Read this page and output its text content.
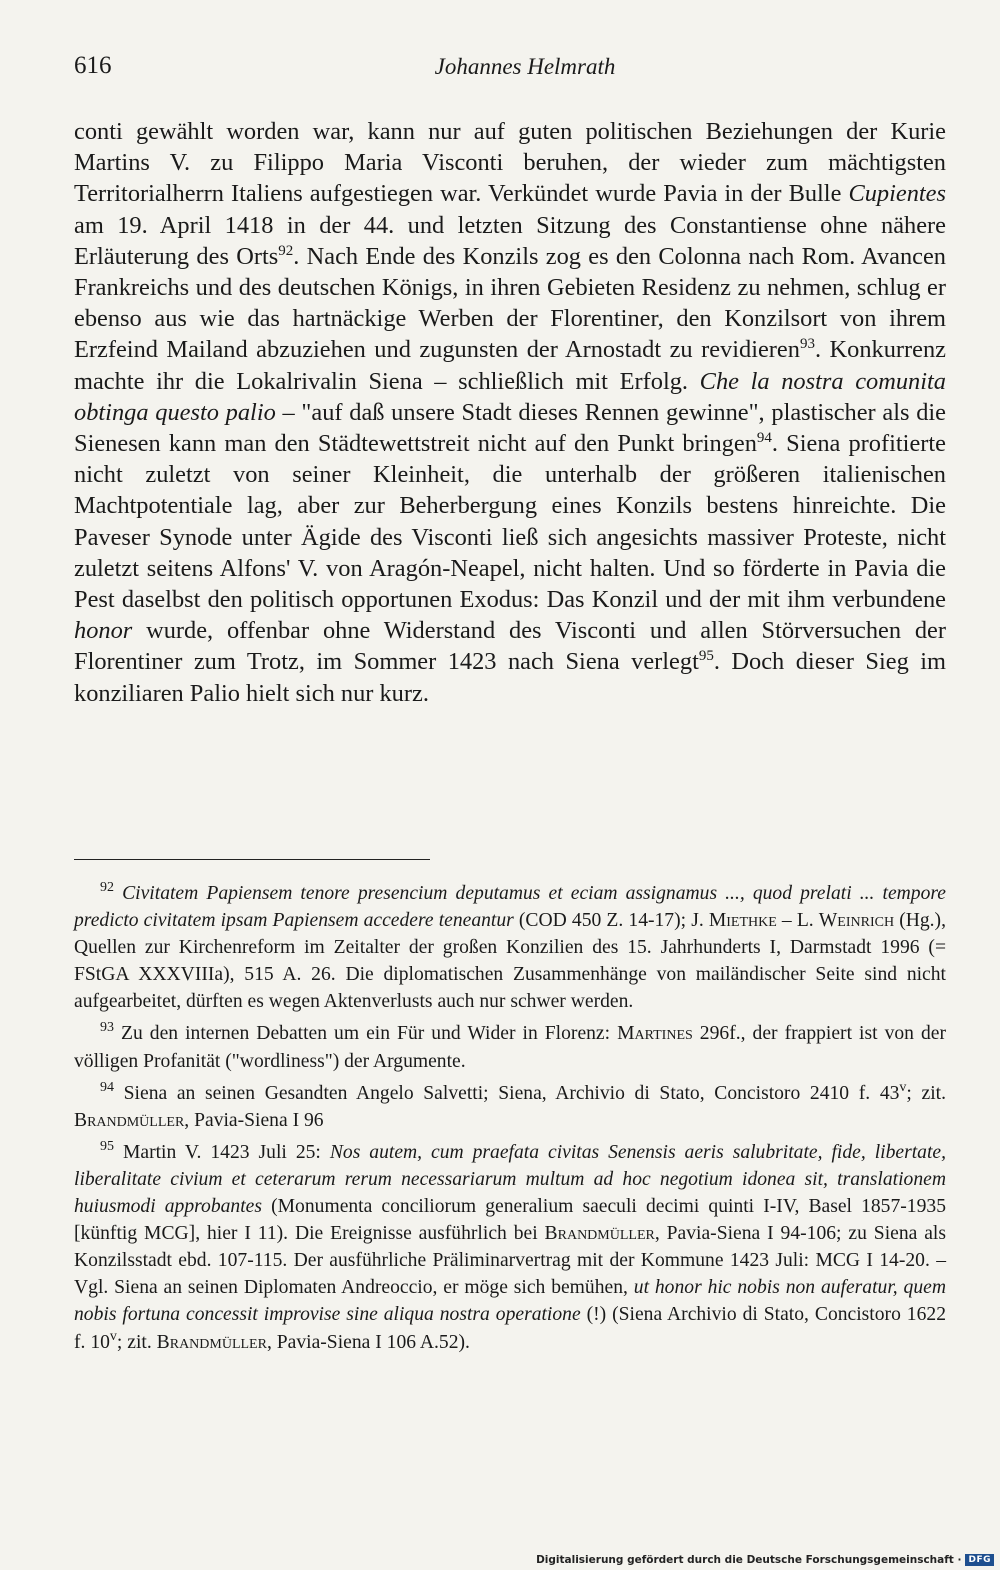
616	Johannes Helmrath

conti gewählt worden war, kann nur auf guten politischen Beziehungen der Kurie Martins V. zu Filippo Maria Visconti beruhen, der wieder zum mächtigsten Territorialherrn Italiens aufgestiegen war. Verkündet wurde Pavia in der Bulle Cupientes am 19. April 1418 in der 44. und letzten Sitzung des Constantiense ohne nähere Erläuterung des Orts$^{92}$. Nach Ende des Konzils zog es den Colonna nach Rom. Avancen Frankreichs und des deutschen Königs, in ihren Gebieten Residenz zu nehmen, schlug er ebenso aus wie das hartnäckige Werben der Florentiner, den Konzilsort von ihrem Erzfeind Mailand abzuziehen und zugunsten der Arnostadt zu revidieren$^{93}$. Konkurrenz machte ihr die Lokalrivalin Siena – schließlich mit Erfolg. Che la nostra comunita obtinga questo palio – "auf daß unsere Stadt dieses Rennen gewinne", plastischer als die Sienesen kann man den Städtewettstreit nicht auf den Punkt bringen$^{94}$. Siena profitierte nicht zuletzt von seiner Kleinheit, die unterhalb der größeren italienischen Machtpotentiale lag, aber zur Beherbergung eines Konzils bestens hinreichte. Die Paveser Synode unter Ägide des Visconti ließ sich angesichts massiver Proteste, nicht zuletzt seitens Alfons' V. von Aragón-Neapel, nicht halten. Und so förderte in Pavia die Pest daselbst den politisch opportunen Exodus: Das Konzil und der mit ihm verbundene honor wurde, offenbar ohne Widerstand des Visconti und allen Störversuchen der Florentiner zum Trotz, im Sommer 1423 nach Siena verlegt$^{95}$. Doch dieser Sieg im konziliaren Palio hielt sich nur kurz.

$^{92}$ Civitatem Papiensem tenore presencium deputamus et eciam assignamus ..., quod prelati ... tempore predicto civitatem ipsam Papiensem accedere teneantur (COD 450 Z. 14-17); J. Miethke – L. Weinrich (Hg.), Quellen zur Kirchenreform im Zeitalter der großen Konzilien des 15. Jahrhunderts I, Darmstadt 1996 (= FStGA XXXVIIIa), 515 A. 26. Die diplomatischen Zusammenhänge von mailändischer Seite sind nicht aufgearbeitet, dürften es wegen Aktenverlusts auch nur schwer werden.

$^{93}$ Zu den internen Debatten um ein Für und Wider in Florenz: Martines 296f., der frappiert ist von der völligen Profanität ("wordliness") der Argumente.

$^{94}$ Siena an seinen Gesandten Angelo Salvetti; Siena, Archivio di Stato, Concistoro 2410 f. 43$^v$; zit. Brandmüller, Pavia-Siena I 96

$^{95}$ Martin V. 1423 Juli 25: Nos autem, cum praefata civitas Senensis aeris salubritate, fide, libertate, liberalitate civium et ceterarum rerum necessariarum multum ad hoc negotium idonea sit, translationem huiusmodi approbantes (Monumenta conciliorum generalium saeculi decimi quinti I-IV, Basel 1857-1935 [künftig MCG], hier I 11). Die Ereignisse ausführlich bei Brandmüller, Pavia-Siena I 94-106; zu Siena als Konzilsstadt ebd. 107-115. Der ausführliche Präliminarvertrag mit der Kommune 1423 Juli: MCG I 14-20. – Vgl. Siena an seinen Diplomaten Andreoccio, er möge sich bemühen, ut honor hic nobis non auferatur, quem nobis fortuna concessit improvise sine aliqua nostra operatione (!) (Siena Archivio di Stato, Concistoro 1622 f. 10$^v$; zit. Brandmüller, Pavia-Siena I 106 A.52).

Digitalisierung gefördert durch die Deutsche Forschungsgemeinschaft · DFG
